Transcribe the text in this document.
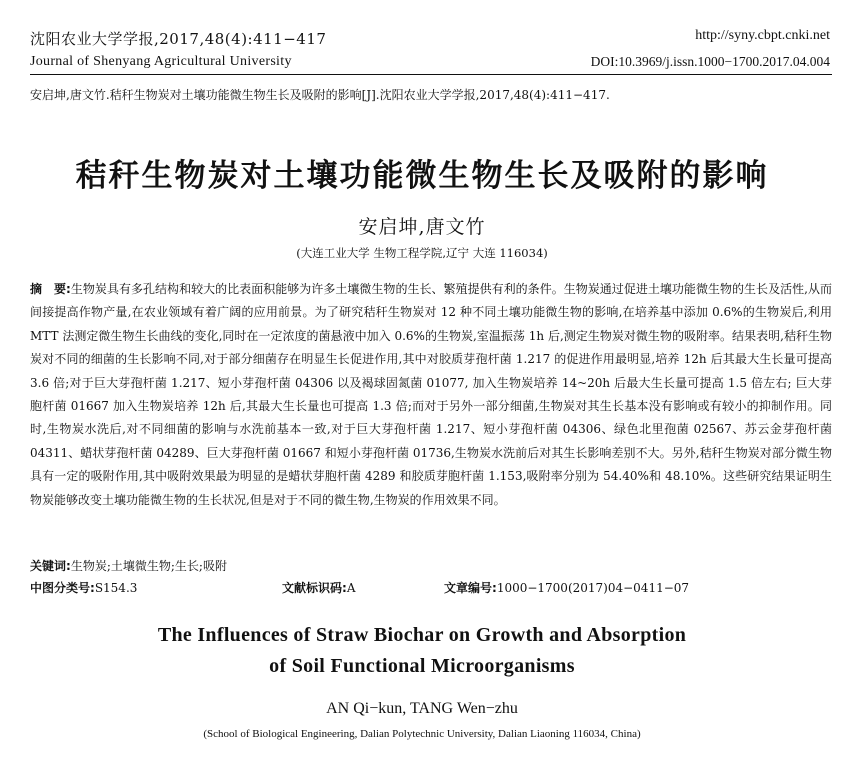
沈阳农业大学学报,2017,48(4):411−417
Journal of Shenyang Agricultural University
http://syny.cbpt.cnki.net
DOI:10.3969/j.issn.1000−1700.2017.04.004
安启坤,唐文竹.秸秆生物炭对土壤功能微生物生长及吸附的影响[J].沈阳农业大学学报,2017,48(4):411−417.
秸秆生物炭对土壤功能微生物生长及吸附的影响
安启坤,唐文竹
(大连工业大学 生物工程学院,辽宁 大连 116034)
摘　要:生物炭具有多孔结构和较大的比表面积能够为许多土壤微生物的生长、繁殖提供有利的条件。生物炭通过促进土壤功能微生物的生长及活性,从而间接提高作物产量,在农业领域有着广阔的应用前景。为了研究秸秆生物炭对 12 种不同土壤功能微生物的影响,在培养基中添加 0.6%的生物炭后,利用 MTT 法测定微生物生长曲线的变化,同时在一定浓度的菌悬液中加入 0.6%的生物炭,室温振荡 1h 后,测定生物炭对微生物的吸附率。结果表明,秸秆生物炭对不同的细菌的生长影响不同,对于部分细菌存在明显生长促进作用,其中对胶质芽孢杆菌 1.217 的促进作用最明显,培养 12h 后其最大生长量可提高 3.6 倍;对于巨大芽孢杆菌 1.217、短小芽孢杆菌 04306 以及褐球固氮菌 01077, 加入生物炭培养 14~20h 后最大生长量可提高 1.5 倍左右; 巨大芽胞杆菌 01667 加入生物炭培养 12h 后,其最大生长量也可提高 1.3 倍;而对于另外一部分细菌,生物炭对其生长基本没有影响或有较小的抑制作用。同时,生物炭水洗后,对不同细菌的影响与水洗前基本一致,对于巨大芽孢杆菌 1.217、短小芽孢杆菌 04306、绿色北里孢菌 02567、苏云金芽孢杆菌 04311、蜡状芽孢杆菌 04289、巨大芽孢杆菌 01667 和短小芽孢杆菌 01736,生物炭水洗前后对其生长影响差别不大。另外,秸秆生物炭对部分微生物具有一定的吸附作用,其中吸附效果最为明显的是蜡状芽胞杆菌 4289 和胶质芽胞杆菌 1.153,吸附率分别为 54.40%和 48.10%。这些研究结果证明生物炭能够改变土壤功能微生物的生长状况,但是对于不同的微生物,生物炭的作用效果不同。
关键词:生物炭;土壤微生物;生长;吸附
中图分类号:S154.3	文献标识码:A	文章编号:1000−1700(2017)04−0411−07
The Influences of Straw Biochar on Growth and Absorption
of Soil Functional Microorganisms
AN Qi−kun, TANG Wen−zhu
(School of Biological Engineering, Dalian Polytechnic University, Dalian Liaoning 116034, China)
